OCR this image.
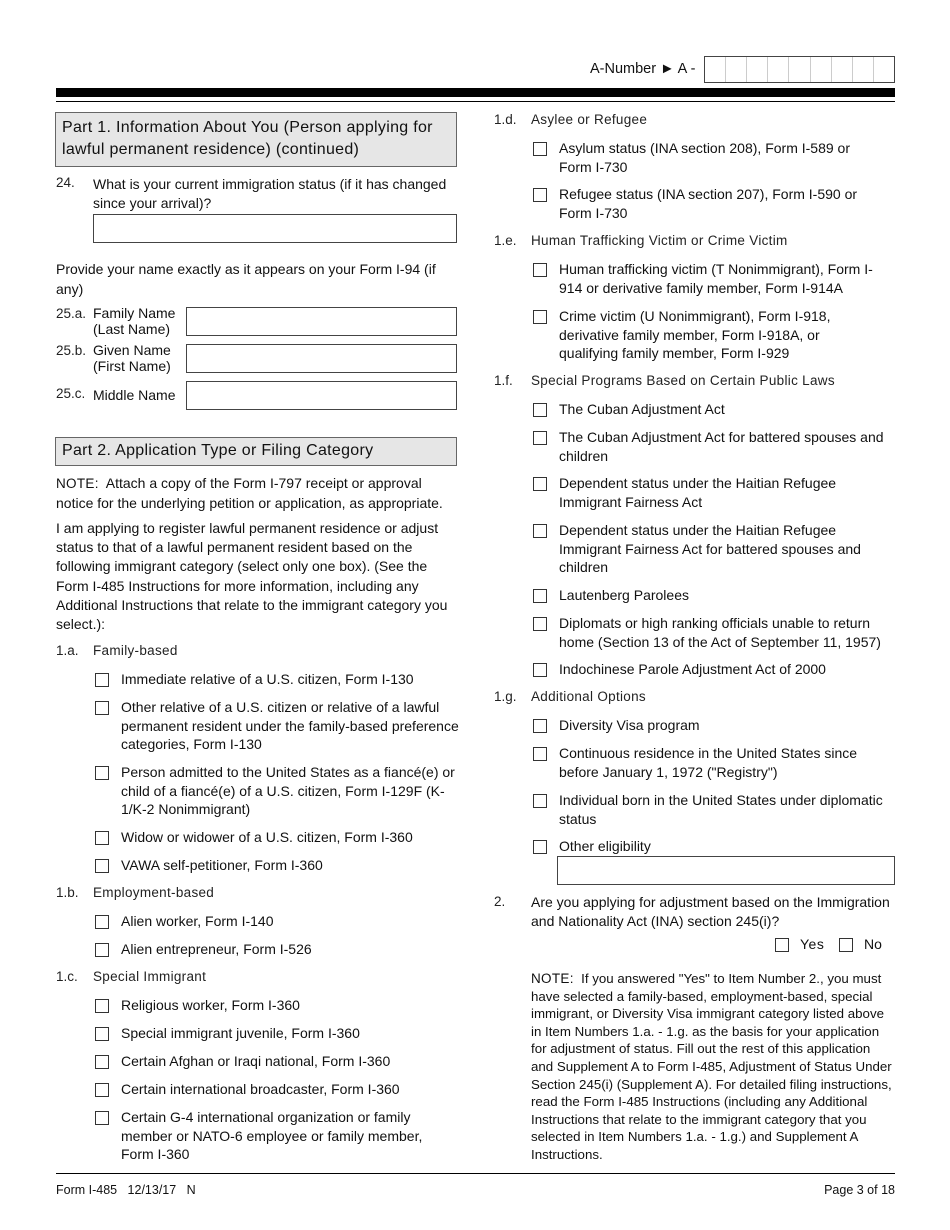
A-Number ► A -
Part 1. Information About You (Person applying for lawful permanent residence) (continued)
24. What is your current immigration status (if it has changed since your arrival)?
Provide your name exactly as it appears on your Form I-94 (if any)
25.a. Family Name
(Last Name)
25.b. Given Name
(First Name)
25.c. Middle Name
Part 2. Application Type or Filing Category
NOTE: Attach a copy of the Form I-797 receipt or approval notice for the underlying petition or application, as appropriate.
I am applying to register lawful permanent residence or adjust status to that of a lawful permanent resident based on the following immigrant category (select only one box). (See the Form I-485 Instructions for more information, including any Additional Instructions that relate to the immigrant category you select.):
1.a. Family-based
Immediate relative of a U.S. citizen, Form I-130
Other relative of a U.S. citizen or relative of a lawful permanent resident under the family-based preference categories, Form I-130
Person admitted to the United States as a fiancé(e) or child of a fiancé(e) of a U.S. citizen, Form I-129F (K-1/K-2 Nonimmigrant)
Widow or widower of a U.S. citizen, Form I-360
VAWA self-petitioner, Form I-360
1.b. Employment-based
Alien worker, Form I-140
Alien entrepreneur, Form I-526
1.c. Special Immigrant
Religious worker, Form I-360
Special immigrant juvenile, Form I-360
Certain Afghan or Iraqi national, Form I-360
Certain international broadcaster, Form I-360
Certain G-4 international organization or family member or NATO-6 employee or family member, Form I-360
1.d. Asylee or Refugee
Asylum status (INA section 208), Form I-589 or Form I-730
Refugee status (INA section 207), Form I-590 or Form I-730
1.e. Human Trafficking Victim or Crime Victim
Human trafficking victim (T Nonimmigrant), Form I-914 or derivative family member, Form I-914A
Crime victim (U Nonimmigrant), Form I-918, derivative family member, Form I-918A, or qualifying family member, Form I-929
1.f. Special Programs Based on Certain Public Laws
The Cuban Adjustment Act
The Cuban Adjustment Act for battered spouses and children
Dependent status under the Haitian Refugee Immigrant Fairness Act
Dependent status under the Haitian Refugee Immigrant Fairness Act for battered spouses and children
Lautenberg Parolees
Diplomats or high ranking officials unable to return home (Section 13 of the Act of September 11, 1957)
Indochinese Parole Adjustment Act of 2000
1.g. Additional Options
Diversity Visa program
Continuous residence in the United States since before January 1, 1972 ("Registry")
Individual born in the United States under diplomatic status
Other eligibility
2. Are you applying for adjustment based on the Immigration and Nationality Act (INA) section 245(i)?
Yes	No
NOTE: If you answered "Yes" to Item Number 2., you must have selected a family-based, employment-based, special immigrant, or Diversity Visa immigrant category listed above in Item Numbers 1.a. - 1.g. as the basis for your application for adjustment of status. Fill out the rest of this application and Supplement A to Form I-485, Adjustment of Status Under Section 245(i) (Supplement A). For detailed filing instructions, read the Form I-485 Instructions (including any Additional Instructions that relate to the immigrant category that you selected in Item Numbers 1.a. - 1.g.) and Supplement A Instructions.
Form I-485   12/13/17   N	Page 3 of 18
